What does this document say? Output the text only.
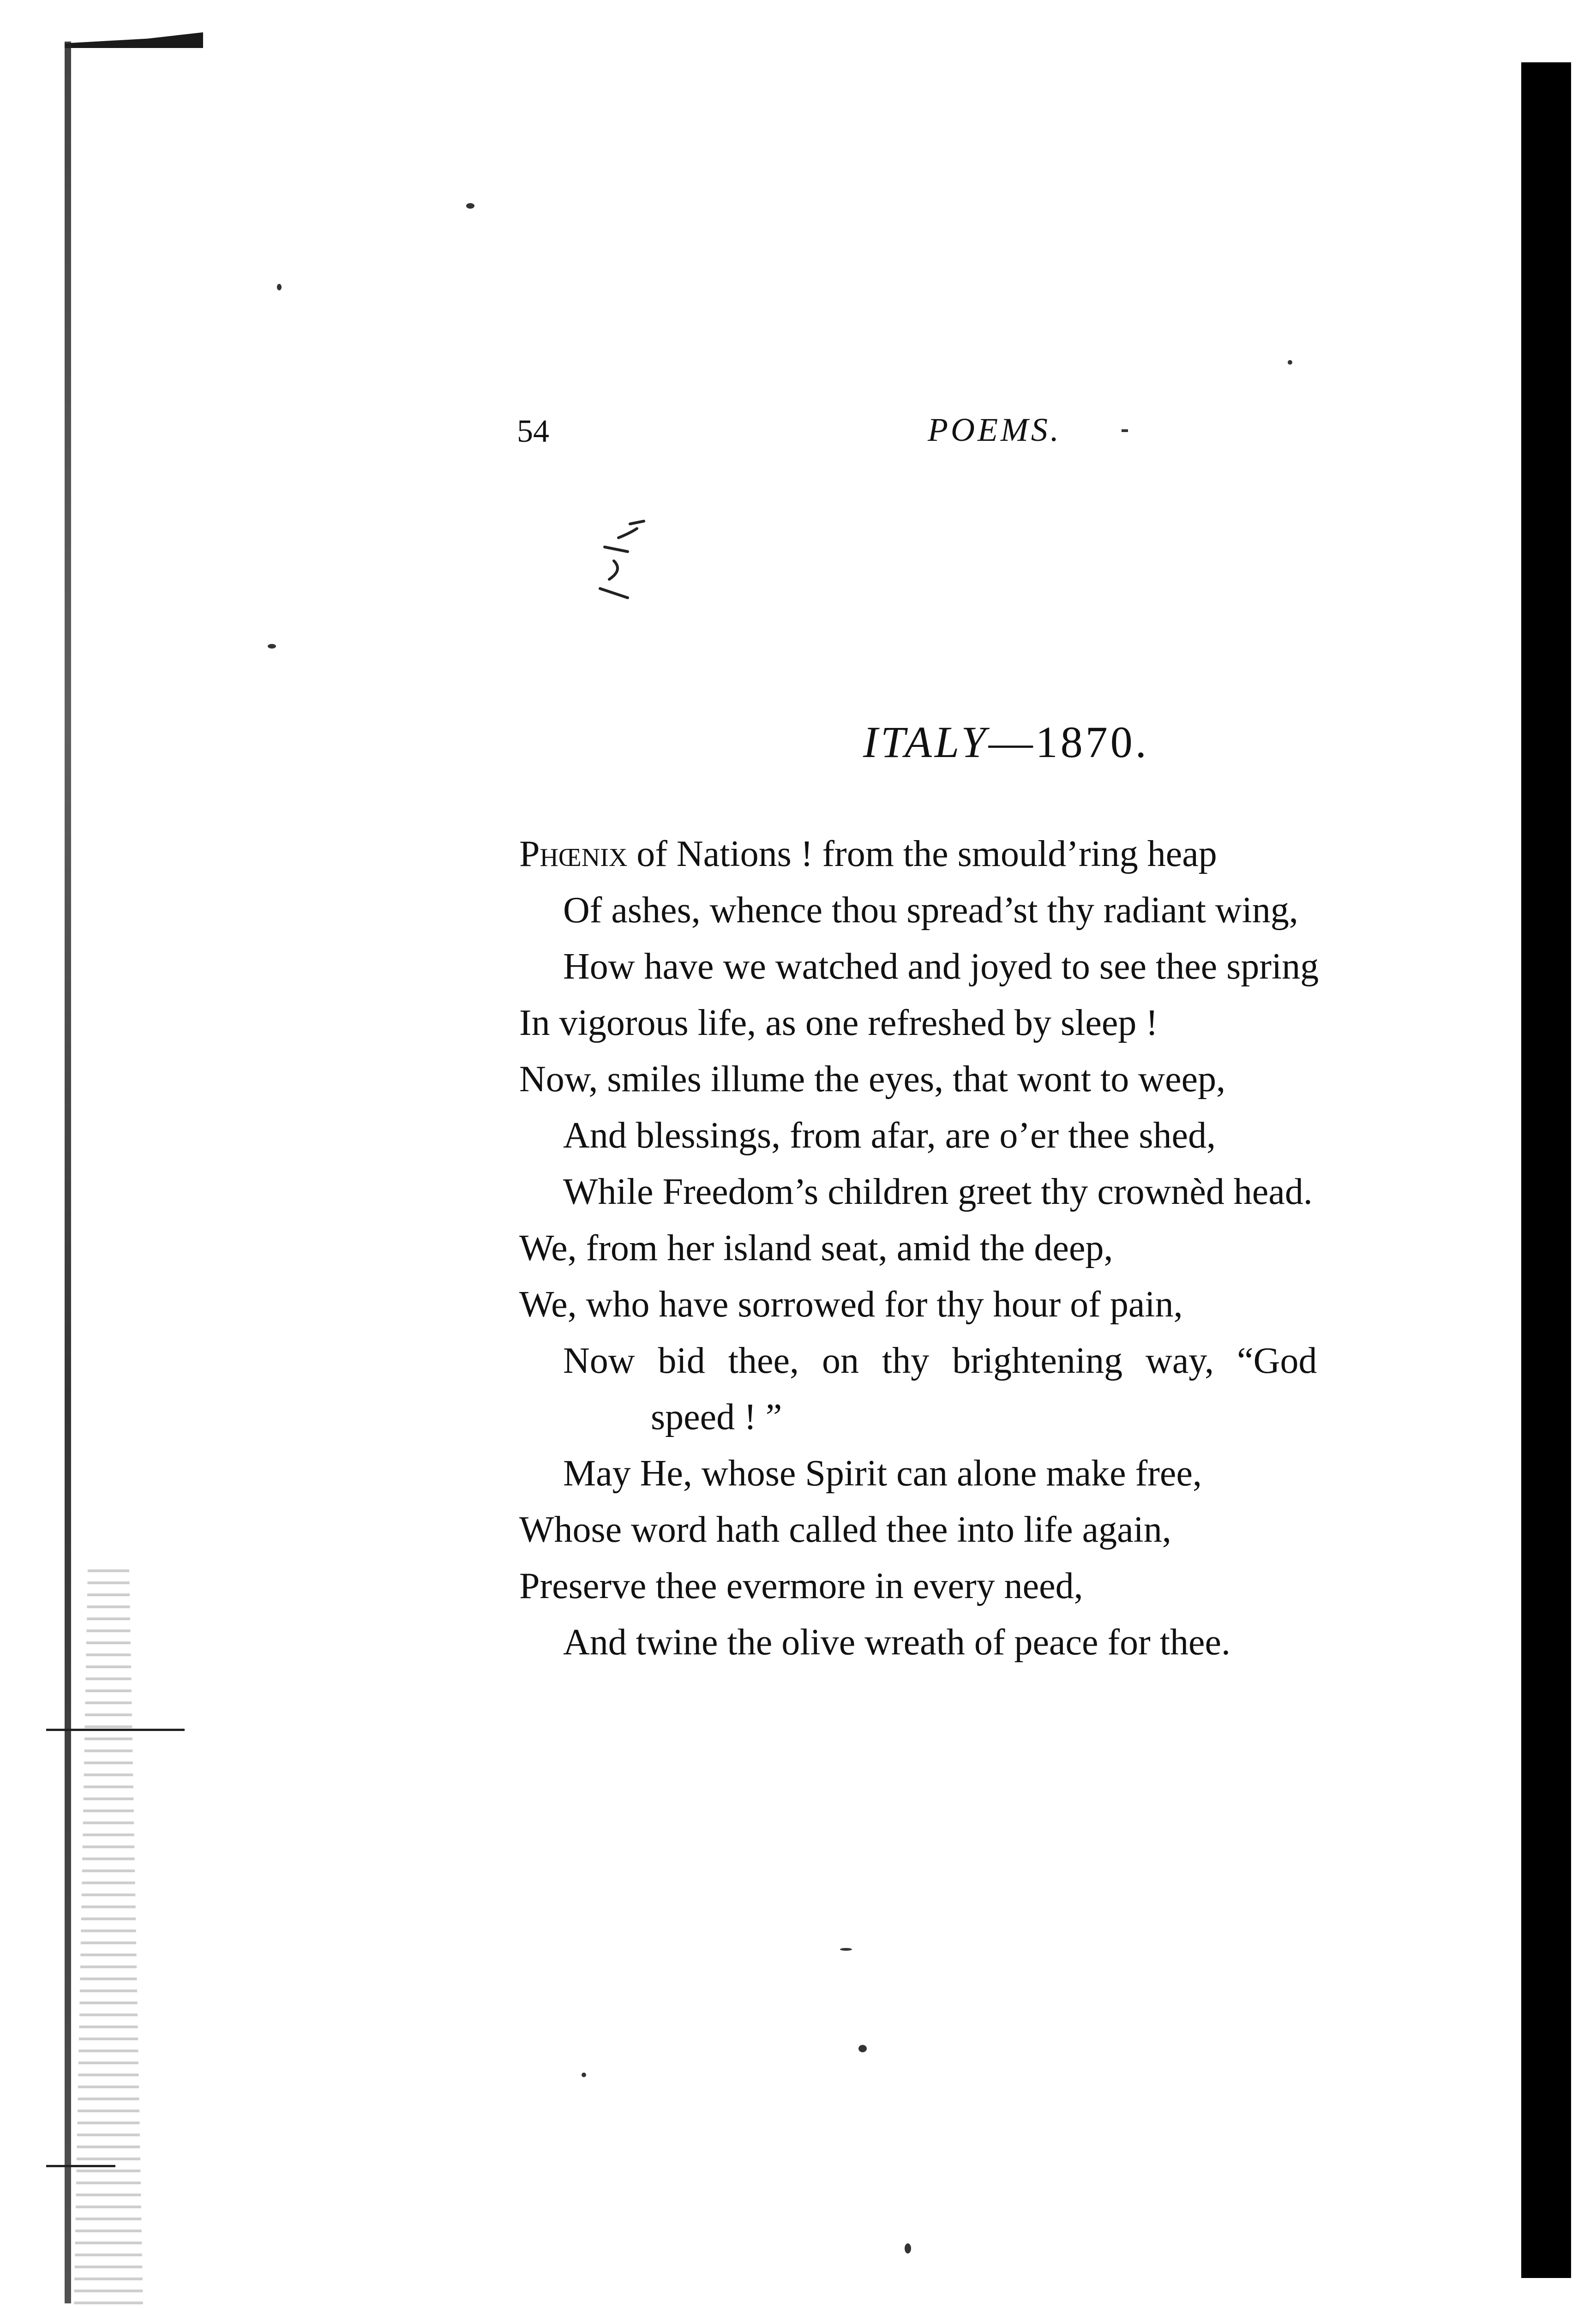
54	POEMS.
ITALY—1870.
Phœnix of Nations ! from the smould’ring heap
Of ashes, whence thou spread’st thy radiant wing,
How have we watched and joyed to see thee spring
In vigorous life, as one refreshed by sleep !
Now, smiles illume the eyes, that wont to weep,
And blessings, from afar, are o’er thee shed,
While Freedom’s children greet thy crownèd head.
We, from her island seat, amid the deep,
We, who have sorrowed for thy hour of pain,
Now bid thee, on thy brightening way, “God
speed ! ”
May He, whose Spirit can alone make free,
Whose word hath called thee into life again,
Preserve thee evermore in every need,
And twine the olive wreath of peace for thee.
